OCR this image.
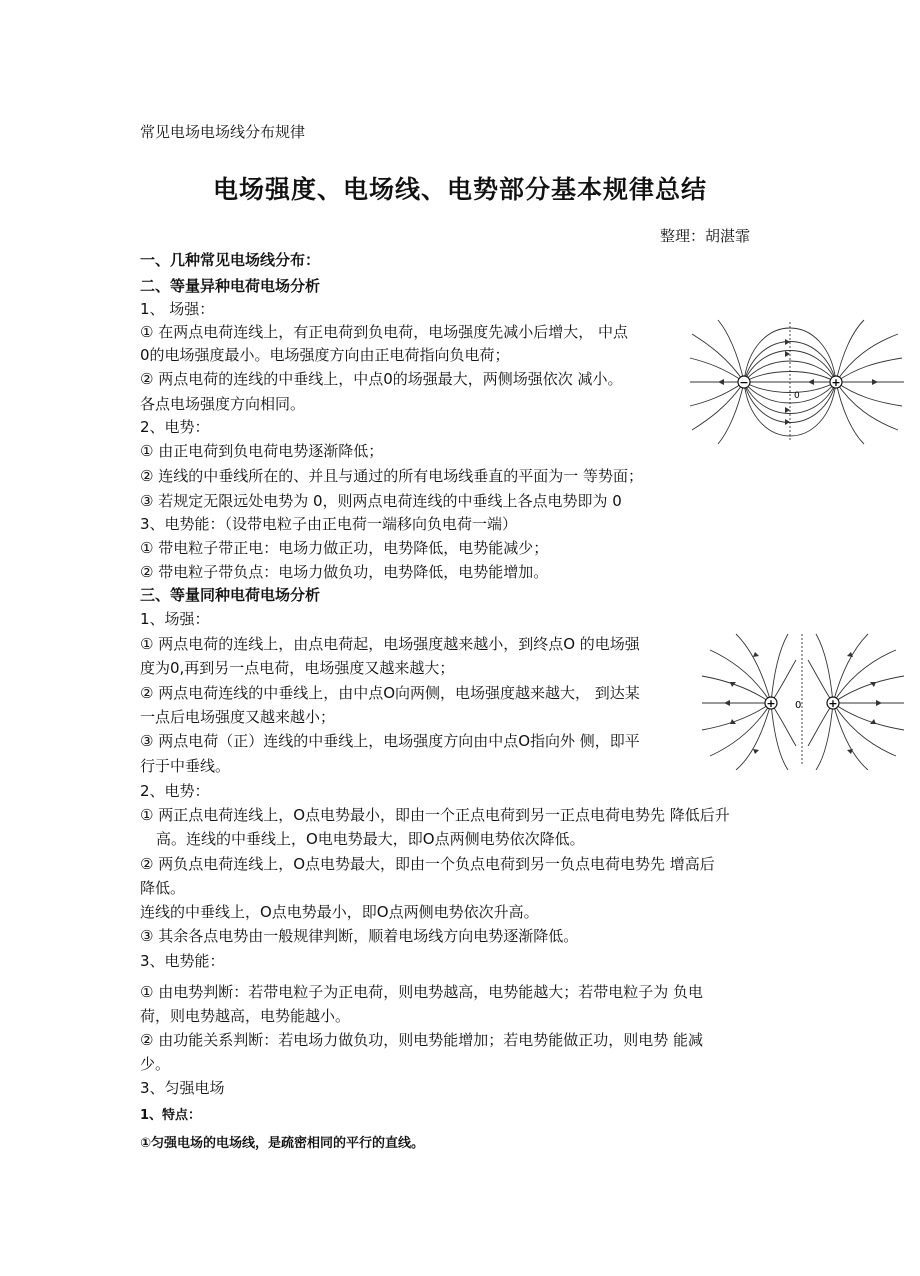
常见电场电场线分布规律

电场强度、电场线、电势部分基本规律总结

整理：胡湛霏

一、几种常见电场线分布：

二、等量异种电荷电场分析

1、 场强：

① 在两点电荷连线上，有正电荷到负电荷，电场强度先减小后增大， 中点

0的电场强度最小。电场强度方向由正电荷指向负电荷；

② 两点电荷的连线的中垂线上，中点0的场强最大，两侧场强依次 减小。

各点电场强度方向相同。

2、电势：

① 由正电荷到负电荷电势逐渐降低；

② 连线的中垂线所在的、并且与通过的所有电场线垂直的平面为一 等势面；

③ 若规定无限远处电势为 0，则两点电荷连线的中垂线上各点电势即为 0

3、电势能：（设带电粒子由正电荷一端移向负电荷一端）

① 带电粒子带正电：电场力做正功，电势降低，电势能减少；

② 带电粒子带负点：电场力做负功，电势降低，电势能增加。

三、等量同种电荷电场分析

1、场强：

① 两点电荷的连线上，由点电荷起，电场强度越来越小，到终点O 的电场强

度为0,再到另一点电荷，电场强度又越来越大；

② 两点电荷连线的中垂线上，由中点O向两侧，电场强度越来越大， 到达某

一点后电场强度又越来越小；

③ 两点电荷（正）连线的中垂线上，电场强度方向由中点O指向外 侧，即平

行于中垂线。

2、电势：

① 两正点电荷连线上，O点电势最小，即由一个正点电荷到另一正点电荷电势先 降低后升

高。连线的中垂线上，O电电势最大，即O点两侧电势依次降低。

② 两负点电荷连线上，O点电势最大，即由一个负点电荷到另一负点电荷电势先 增高后

降低。

连线的中垂线上，O点电势最小，即O点两侧电势依次升高。

③ 其余各点电势由一般规律判断，顺着电场线方向电势逐渐降低。

3、电势能：

① 由电势判断：若带电粒子为正电荷，则电势越高，电势能越大；若带电粒子为 负电

荷，则电势越高，电势能越小。

② 由功能关系判断：若电场力做负功，则电势能增加；若电势能做正功，则电势 能减

少。

3、匀强电场

1、特点：

①匀强电场的电场线，是疏密相同的平行的直线。

−	+
0
+	+
0
